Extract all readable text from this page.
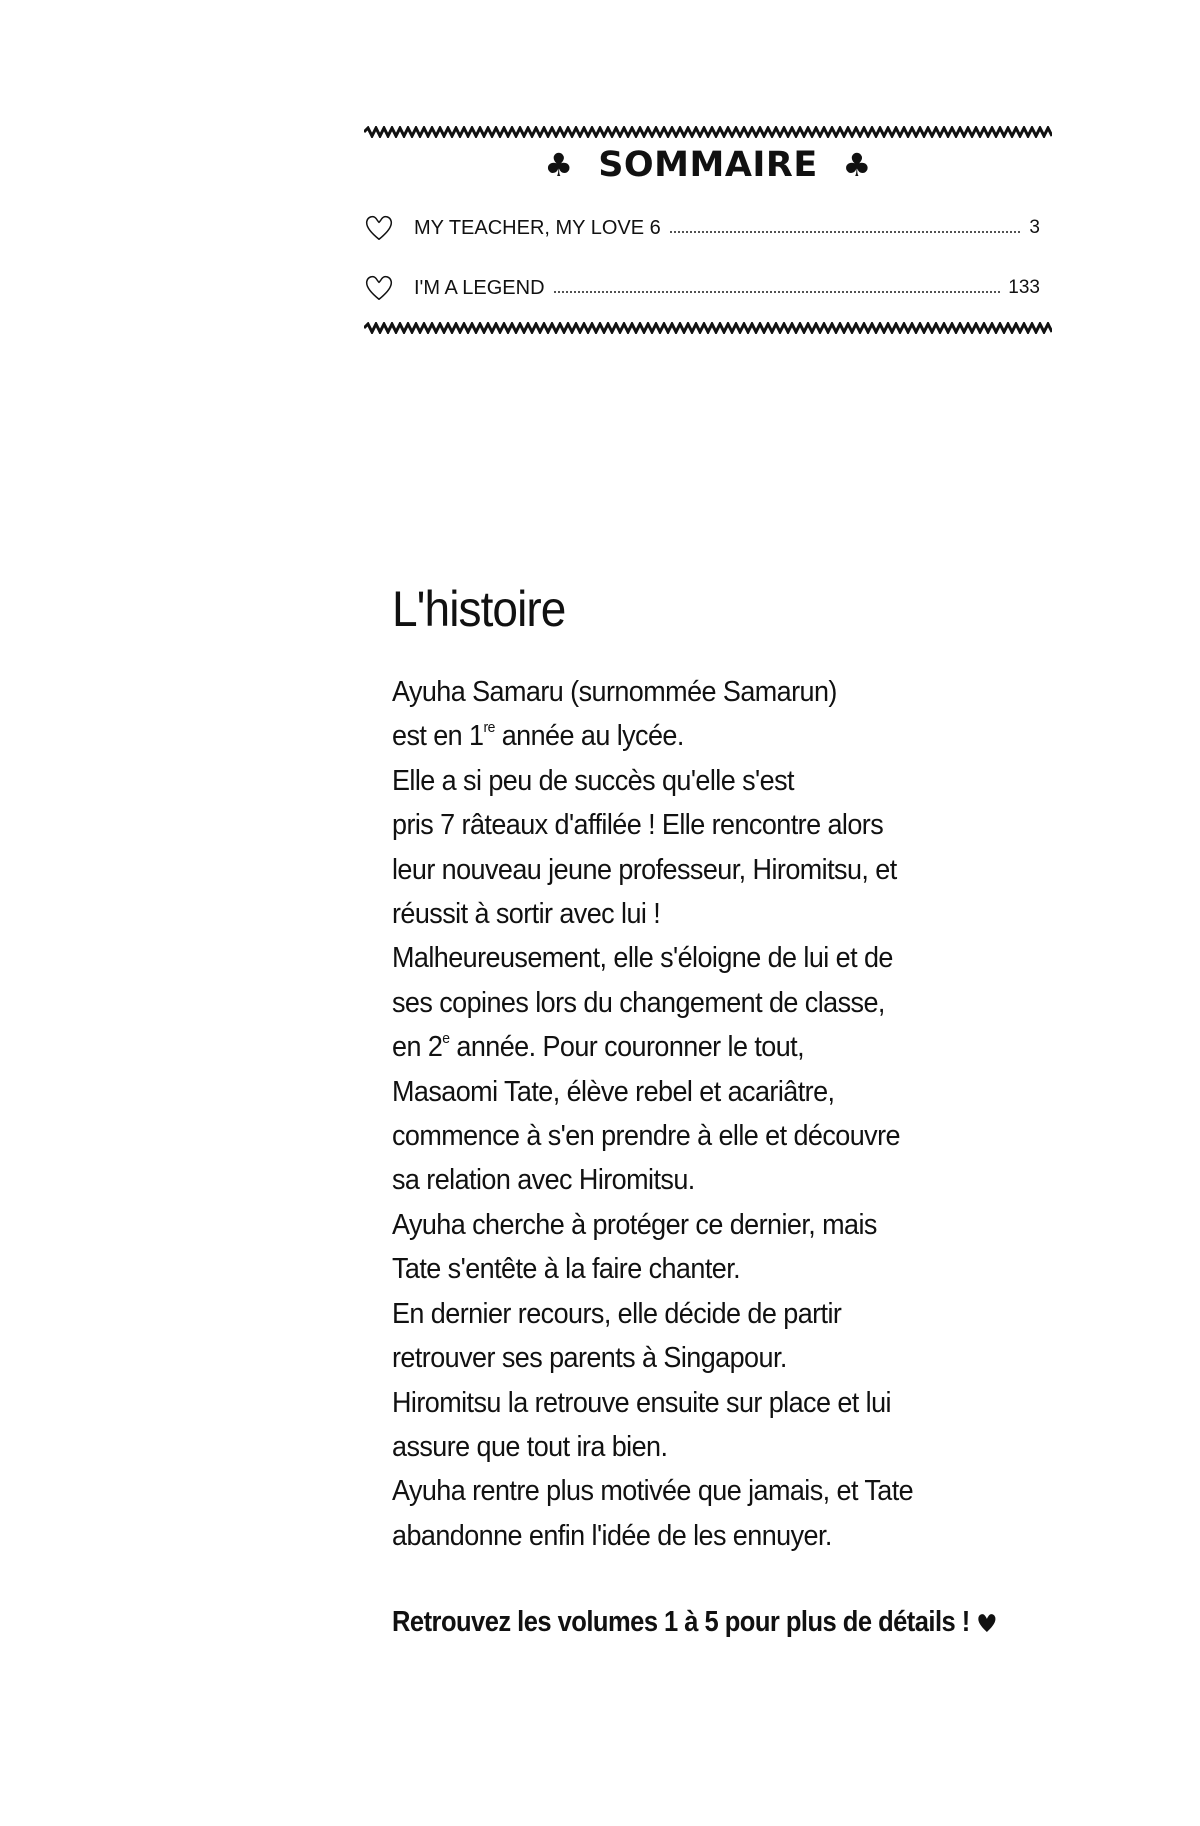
♣ SOMMAIRE ♣
MY TEACHER, MY LOVE 6	3
I'M A LEGEND	133
L'histoire
Ayuha Samaru (surnommée Samarun)
est en 1re année au lycée.
Elle a si peu de succès qu'elle s'est
pris 7 râteaux d'affilée ! Elle rencontre alors
leur nouveau jeune professeur, Hiromitsu, et
réussit à sortir avec lui !
Malheureusement, elle s'éloigne de lui et de
ses copines lors du changement de classe,
en 2e année. Pour couronner le tout,
Masaomi Tate, élève rebel et acariâtre,
commence à s'en prendre à elle et découvre
sa relation avec Hiromitsu.
Ayuha cherche à protéger ce dernier, mais
Tate s'entête à la faire chanter.
En dernier recours, elle décide de partir
retrouver ses parents à Singapour.
Hiromitsu la retrouve ensuite sur place et lui
assure que tout ira bien.
Ayuha rentre plus motivée que jamais, et Tate
abandonne enfin l'idée de les ennuyer.
Retrouvez les volumes 1 à 5 pour plus de détails !
